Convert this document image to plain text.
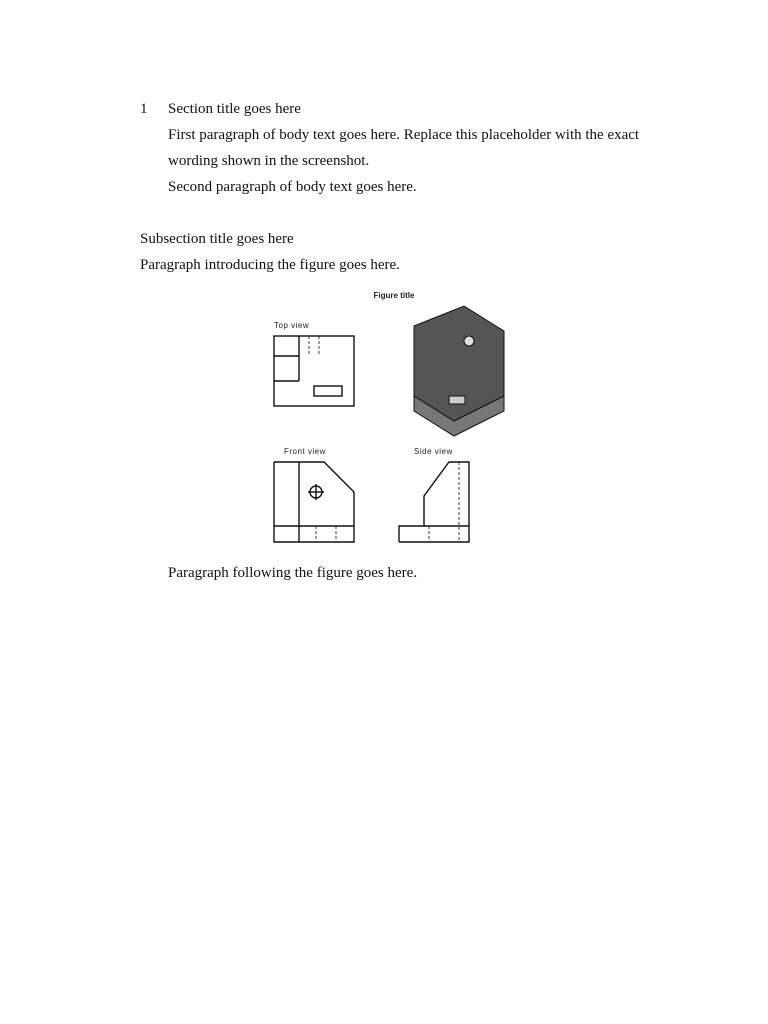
1	Section title goes here

First paragraph of body text goes here. Replace this placeholder with the exact wording shown in the screenshot.

Second paragraph of body text goes here.

Subsection title goes here

Paragraph introducing the figure goes here.

Figure title
Top view
Front view	Side view

Paragraph following the figure goes here.
